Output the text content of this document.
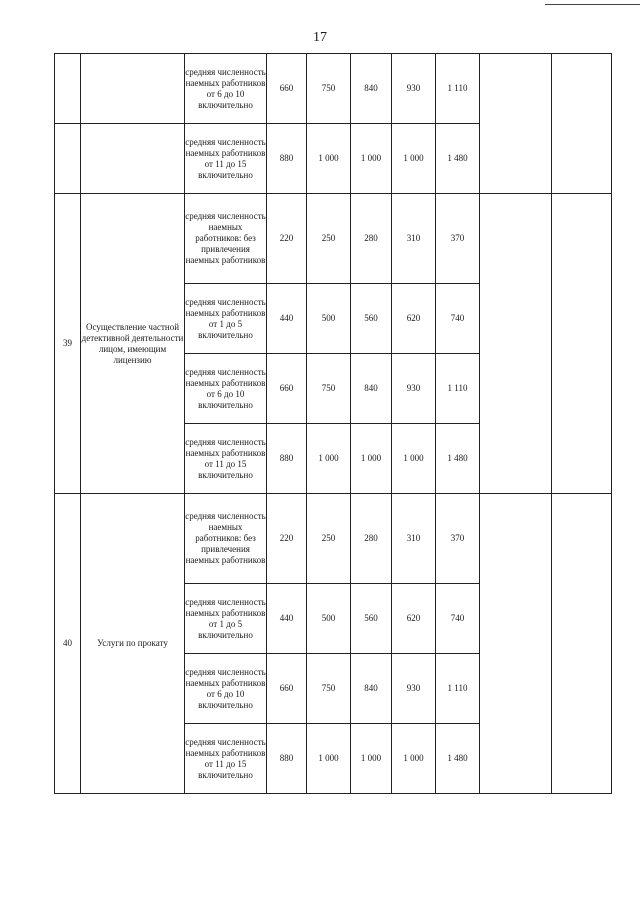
17
		средняя численность наемных работников от 6 до 10 включительно	660	750	840	930	1 110		
		средняя численность наемных работников от 11 до 15 включительно	880	1 000	1 000	1 000	1 480		
39	Осуществление частной детективной деятельности лицом, имеющим лицензию	средняя численность наемных работников: без привлечения наемных работников	220	250	280	310	370		
		средняя численность наемных работников от 1 до 5 включительно	440	500	560	620	740		
		средняя численность наемных работников от 6 до 10 включительно	660	750	840	930	1 110		
		средняя численность наемных работников от 11 до 15 включительно	880	1 000	1 000	1 000	1 480		
40	Услуги по прокату	средняя численность наемных работников: без привлечения наемных работников	220	250	280	310	370		
		средняя численность наемных работников от 1 до 5 включительно	440	500	560	620	740		
		средняя численность наемных работников от 6 до 10 включительно	660	750	840	930	1 110		
		средняя численность наемных работников от 11 до 15 включительно	880	1 000	1 000	1 000	1 480		
